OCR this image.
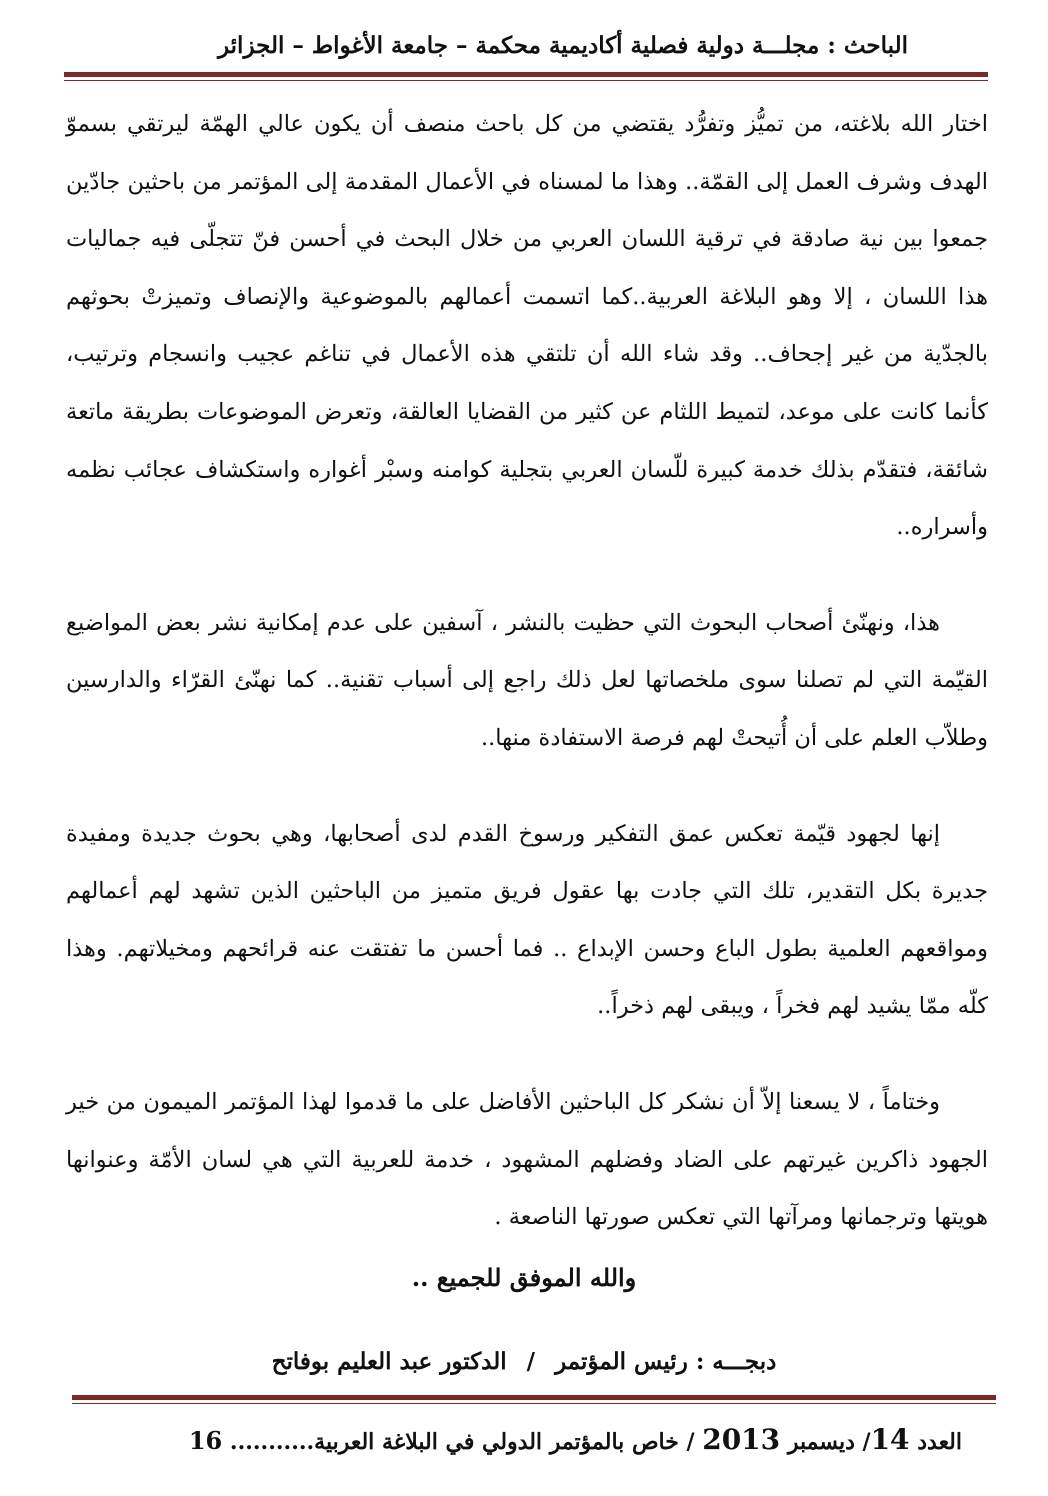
الباحث : مجلـــة دولية فصلية أكاديمية محكمة – جامعة الأغواط – الجزائر

اختار الله بلاغته، من تميُّز وتفرُّد يقتضي من كل باحث منصف أن يكون عالي الهمّة ليرتقي بسموّ الهدف وشرف العمل إلى القمّة.. وهذا ما لمسناه في الأعمال المقدمة إلى المؤتمر من باحثين جادّين جمعوا بين نية صادقة في ترقية اللسان العربي من خلال البحث في أحسن فنّ تتجلّى فيه جماليات هذا اللسان ، إلا وهو البلاغة العربية..كما اتسمت أعمالهم بالموضوعية والإنصاف وتميزتْ بحوثهم بالجدّية من غير إجحاف.. وقد شاء الله أن تلتقي هذه الأعمال في تناغم عجيب وانسجام وترتيب، كأنما كانت على موعد، لتميط اللثام عن كثير من القضايا العالقة، وتعرض الموضوعات بطريقة ماتعة شائقة، فتقدّم بذلك خدمة كبيرة للّسان العربي بتجلية كوامنه وسبْر أغواره واستكشاف عجائب نظمه وأسراره..

هذا، ونهنّئ أصحاب البحوث التي حظيت بالنشر ، آسفين على عدم إمكانية نشر بعض المواضيع القيّمة التي لم تصلنا سوى ملخصاتها لعل ذلك راجع إلى أسباب تقنية.. كما نهنّئ القرّاء والدارسين وطلاّب العلم على أن أُتيحتْ لهم فرصة الاستفادة منها..

إنها لجهود قيّمة تعكس عمق التفكير ورسوخ القدم لدى أصحابها، وهي بحوث جديدة ومفيدة جديرة بكل التقدير، تلك التي جادت بها عقول فريق متميز من الباحثين الذين تشهد لهم أعمالهم ومواقعهم العلمية بطول الباع وحسن الإبداع .. فما أحسن ما تفتقت عنه قرائحهم ومخيلاتهم. وهذا كلّه ممّا يشيد لهم فخراً ، ويبقى لهم ذخراً..

وختاماً ، لا يسعنا إلاّ أن نشكر كل الباحثين الأفاضل على ما قدموا لهذا المؤتمر الميمون من خير الجهود ذاكرين غيرتهم على الضاد وفضلهم المشهود ، خدمة للعربية التي هي لسان الأمّة وعنوانها هويتها وترجمانها ومرآتها التي تعكس صورتها الناصعة .

والله الموفق للجميع ..
دبجـــه : رئيس المؤتمر / الدكتور عبد العليم بوفاتح
العدد 14/ ديسمبر 2013 / خاص بالمؤتمر الدولي في البلاغة العربية........... 16
